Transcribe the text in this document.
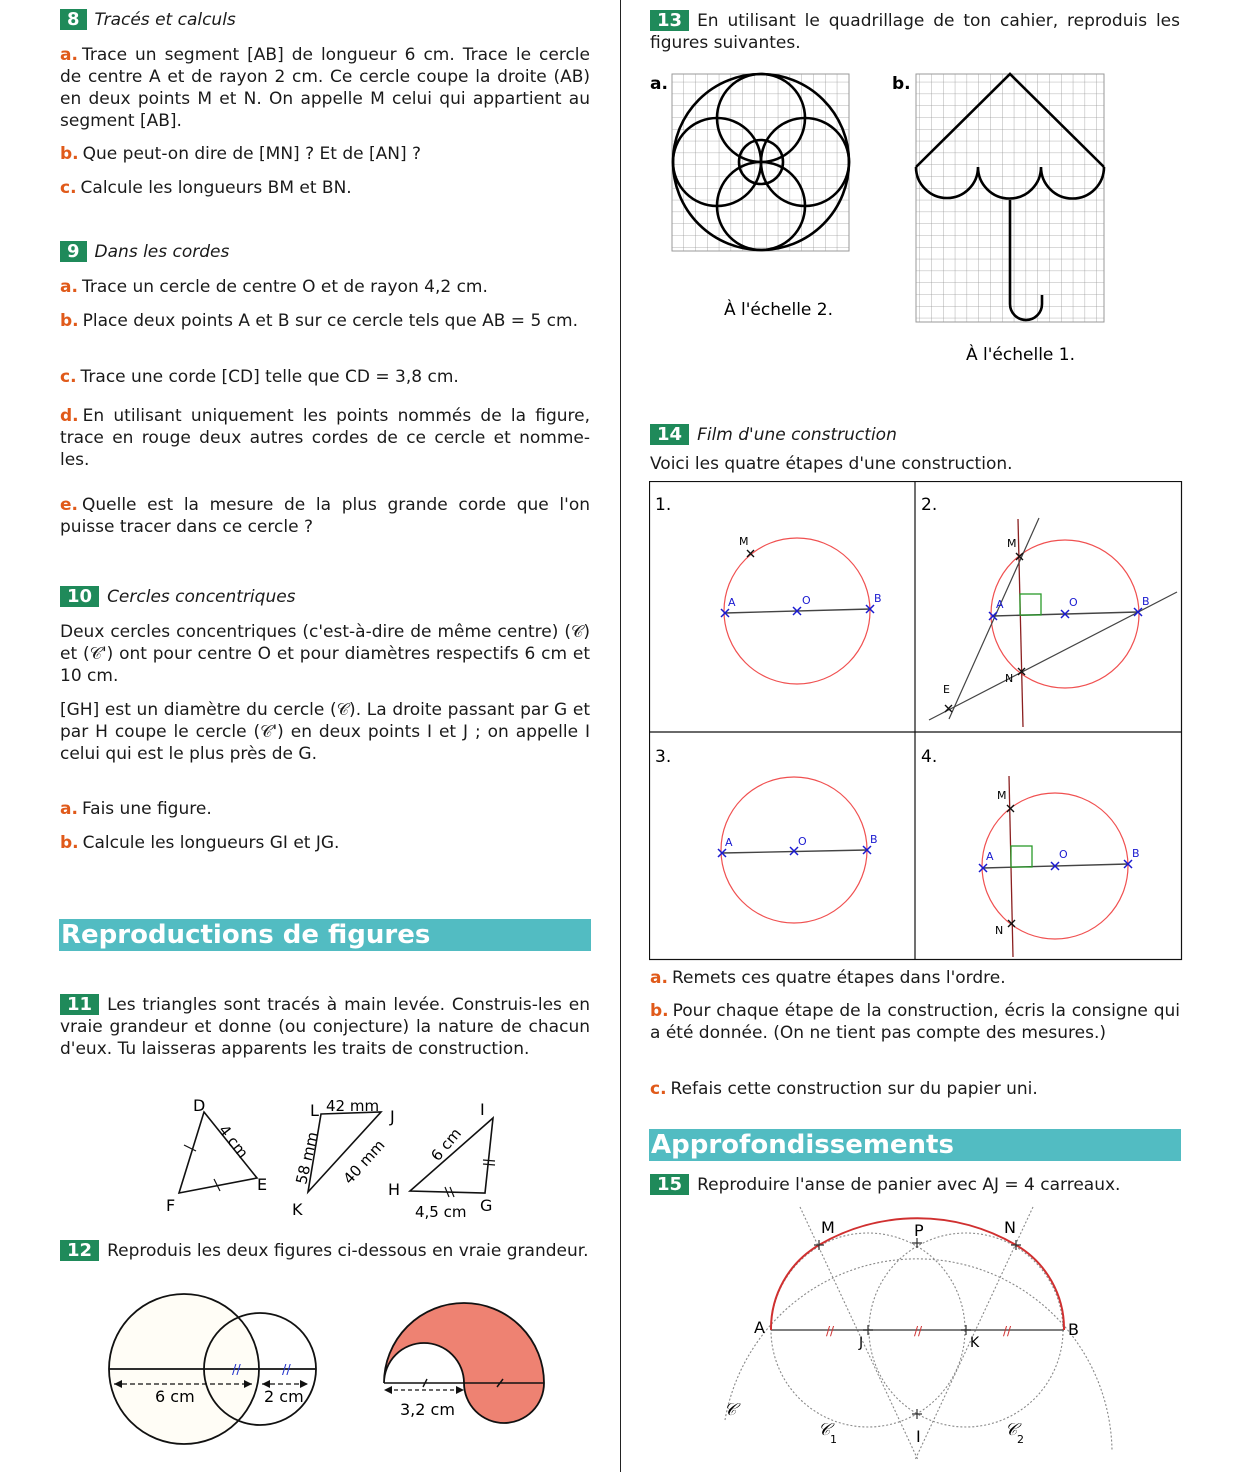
8 Tracés et calculs
a. Trace un segment [AB] de longueur 6 cm. Trace le cercle de centre A et de rayon 2 cm. Ce cercle coupe la droite (AB) en deux points M et N. On appelle M celui qui appartient au segment [AB].
b. Que peut-on dire de [MN] ? Et de [AN] ?
c. Calcule les longueurs BM et BN.
9 Dans les cordes
a. Trace un cercle de centre O et de rayon 4,2 cm.
b. Place deux points A et B sur ce cercle tels que AB = 5 cm.
c. Trace une corde [CD] telle que CD = 3,8 cm.
d. En utilisant uniquement les points nommés de la figure, trace en rouge deux autres cordes de ce cercle et nomme-les.
e. Quelle est la mesure de la plus grande corde que l'on puisse tracer dans ce cercle ?
10 Cercles concentriques
Deux cercles concentriques (c'est-à-dire de même centre) (𝒞) et (𝒞') ont pour centre O et pour diamètres respectifs 6 cm et 10 cm.
[GH] est un diamètre du cercle (𝒞). La droite passant par G et par H coupe le cercle (𝒞') en deux points I et J ; on appelle I celui qui est le plus près de G.
a. Fais une figure.
b. Calcule les longueurs GI et JG.
Reproductions de figures
11 Les triangles sont tracés à main levée. Construis-les en vraie grandeur et donne (ou conjecture) la nature de chacun d'eux. Tu laisseras apparents les traits de construction.
D
E
F
4 cm
L	J
K
42 mm
58 mm 40 mm
I
H
G
6 cm
4,5 cm
12 Reproduis les deux figures ci-dessous en vraie grandeur.
//	//
6 cm	2 cm
3,2 cm
13 En utilisant le quadrillage de ton cahier, reproduis les figures suivantes.
a.
À l'échelle 2.
b.
À l'échelle 1.
14 Film d'une construction
Voici les quatre étapes d'une construction.
1.	2.
3.	4.
A	O	B
M
A	O	B
M
N
E
A	O	B
A	O	B
M
N
a. Remets ces quatre étapes dans l'ordre.
b. Pour chaque étape de la construction, écris la consigne qui a été donnée. (On ne tient pas compte des mesures.)
c. Refais cette construction sur du papier uni.
Approfondissements
15 Reproduire l'anse de panier avec AJ = 4 carreaux.
//	//	//
M	P	N
A
J	K
B
I
𝒞
𝒞 1	𝒞 2
